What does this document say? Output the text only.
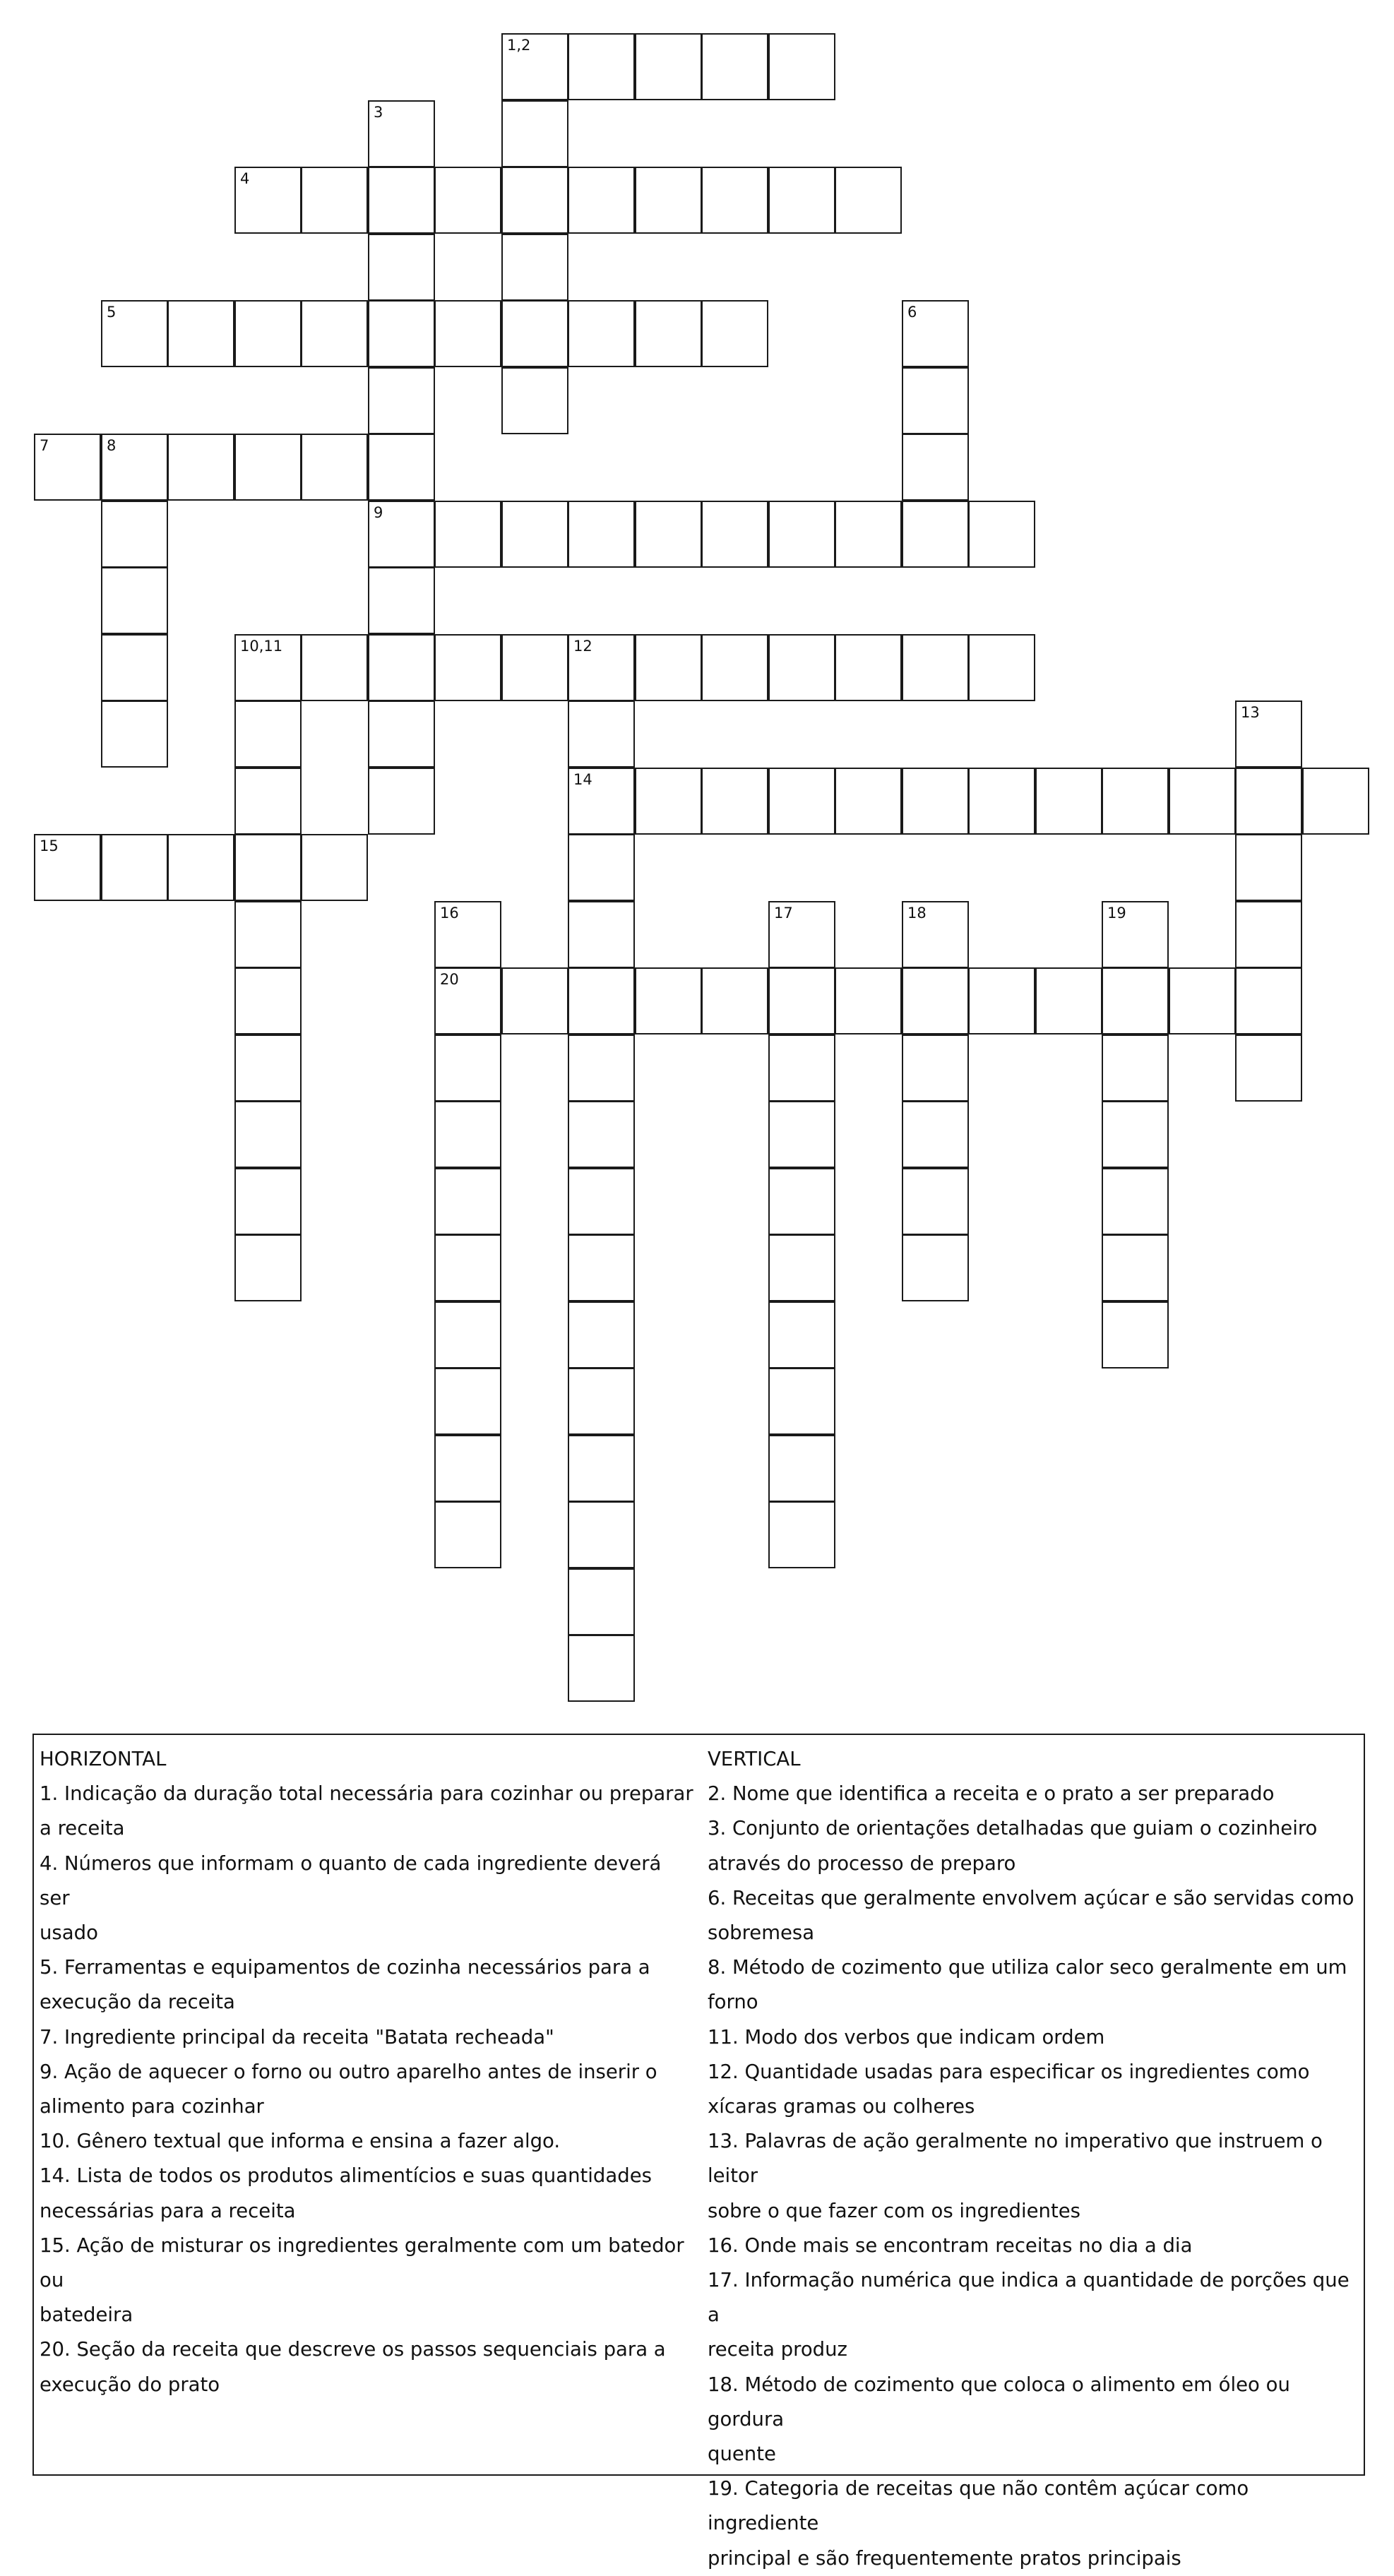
1,2
4
5
7	8
9
10,11	12
14
15
20
3
6
13
16	17	18	19
HORIZONTAL
1. Indicação da duração total necessária para cozinhar ou preparar
a receita
4. Números que informam o quanto de cada ingrediente deverá ser
usado
5. Ferramentas e equipamentos de cozinha necessários para a
execução da receita
7. Ingrediente principal da receita "Batata recheada"
9. Ação de aquecer o forno ou outro aparelho antes de inserir o
alimento para cozinhar
10. Gênero textual que informa e ensina a fazer algo.
14. Lista de todos os produtos alimentícios e suas quantidades
necessárias para a receita
15. Ação de misturar os ingredientes geralmente com um batedor ou
batedeira
20. Seção da receita que descreve os passos sequenciais para a
execução do prato
VERTICAL
2. Nome que identifica a receita e o prato a ser preparado
3. Conjunto de orientações detalhadas que guiam o cozinheiro
através do processo de preparo
6. Receitas que geralmente envolvem açúcar e são servidas como
sobremesa
8. Método de cozimento que utiliza calor seco geralmente em um
forno
11. Modo dos verbos que indicam ordem
12. Quantidade usadas para especificar os ingredientes como
xícaras gramas ou colheres
13. Palavras de ação geralmente no imperativo que instruem o leitor
sobre o que fazer com os ingredientes
16. Onde mais se encontram receitas no dia a dia
17. Informação numérica que indica a quantidade de porções que a
receita produz
18. Método de cozimento que coloca o alimento em óleo ou gordura
quente
19. Categoria de receitas que não contêm açúcar como ingrediente
principal e são frequentemente pratos principais
